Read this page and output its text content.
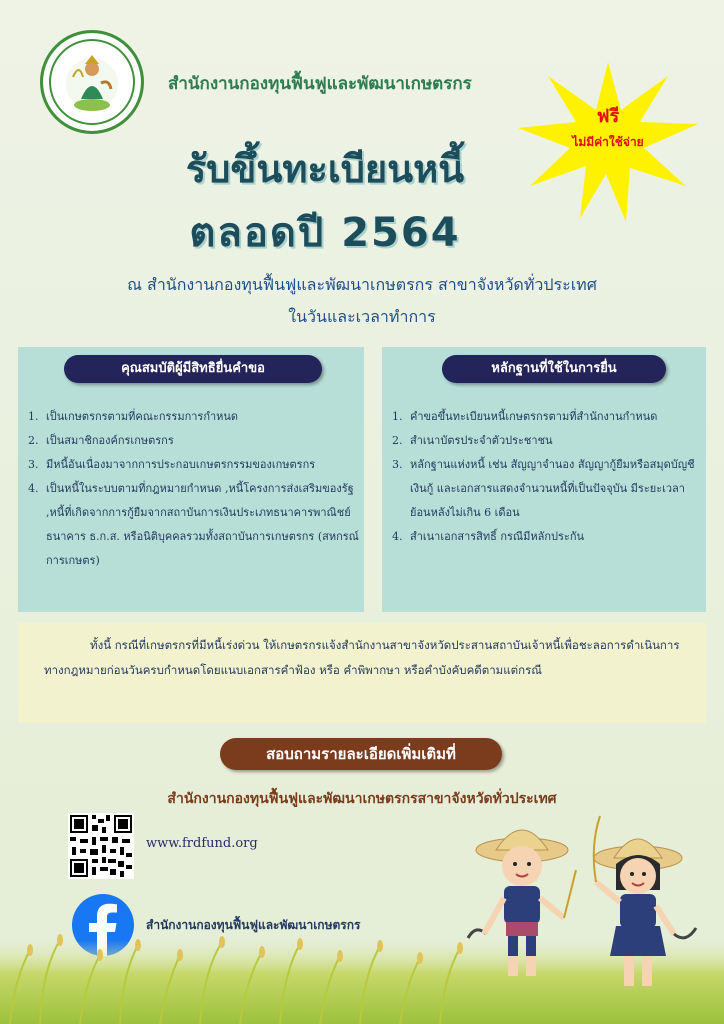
สำนักงานกองทุนฟื้นฟูและพัฒนาเกษตรกร
รับขึ้นทะเบียนหนี้
ตลอดปี 2564
ฟรี
ไม่มีค่าใช้จ่าย
ณ สำนักงานกองทุนฟื้นฟูและพัฒนาเกษตรกร สาขาจังหวัดทั่วประเทศ
ในวันและเวลาทำการ
คุณสมบัติผู้มีสิทธิยื่นคำขอ
1. เป็นเกษตรกรตามที่คณะกรรมการกำหนด
2. เป็นสมาชิกองค์กรเกษตรกร
3. มีหนี้อันเนื่องมาจากการประกอบเกษตรกรรมของเกษตรกร
4. เป็นหนี้ในระบบตามที่กฎหมายกำหนด ,หนี้โครงการส่งเสริมของรัฐ ,หนี้ที่เกิดจากการกู้ยืมจากสถาบันการเงินประเภทธนาคารพาณิชย์ ธนาคาร ธ.ก.ส. หรือนิติบุคคลรวมทั้งสถาบันการเกษตรกร (สหกรณ์การเกษตร)
หลักฐานที่ใช้ในการยื่น
1. คำขอขึ้นทะเบียนหนี้เกษตรกรตามที่สำนักงานกำหนด
2. สำเนาบัตรประจำตัวประชาชน
3. หลักฐานแห่งหนี้ เช่น สัญญาจำนอง สัญญากู้ยืมหรือสมุดบัญชีเงินกู้ และเอกสารแสดงจำนวนหนี้ที่เป็นปัจจุบัน มีระยะเวลาย้อนหลังไม่เกิน 6 เดือน
4. สำเนาเอกสารสิทธิ์ กรณีมีหลักประกัน

ทั้งนี้ กรณีที่เกษตรกรที่มีหนี้เร่งด่วน ให้เกษตรกรแจ้งสำนักงานสาขาจังหวัดประสานสถาบันเจ้าหนี้เพื่อชะลอการดำเนินการทางกฎหมายก่อนวันครบกำหนดโดยแนบเอกสารคำฟ้อง หรือ คำพิพากษา หรือคำบังคับคดีตามแต่กรณี

สอบถามรายละเอียดเพิ่มเติมที่
สำนักงานกองทุนฟื้นฟูและพัฒนาเกษตรกรสาขาจังหวัดทั่วประเทศ
www.frdfund.org
สำนักงานกองทุนฟื้นฟูและพัฒนาเกษตรกร
